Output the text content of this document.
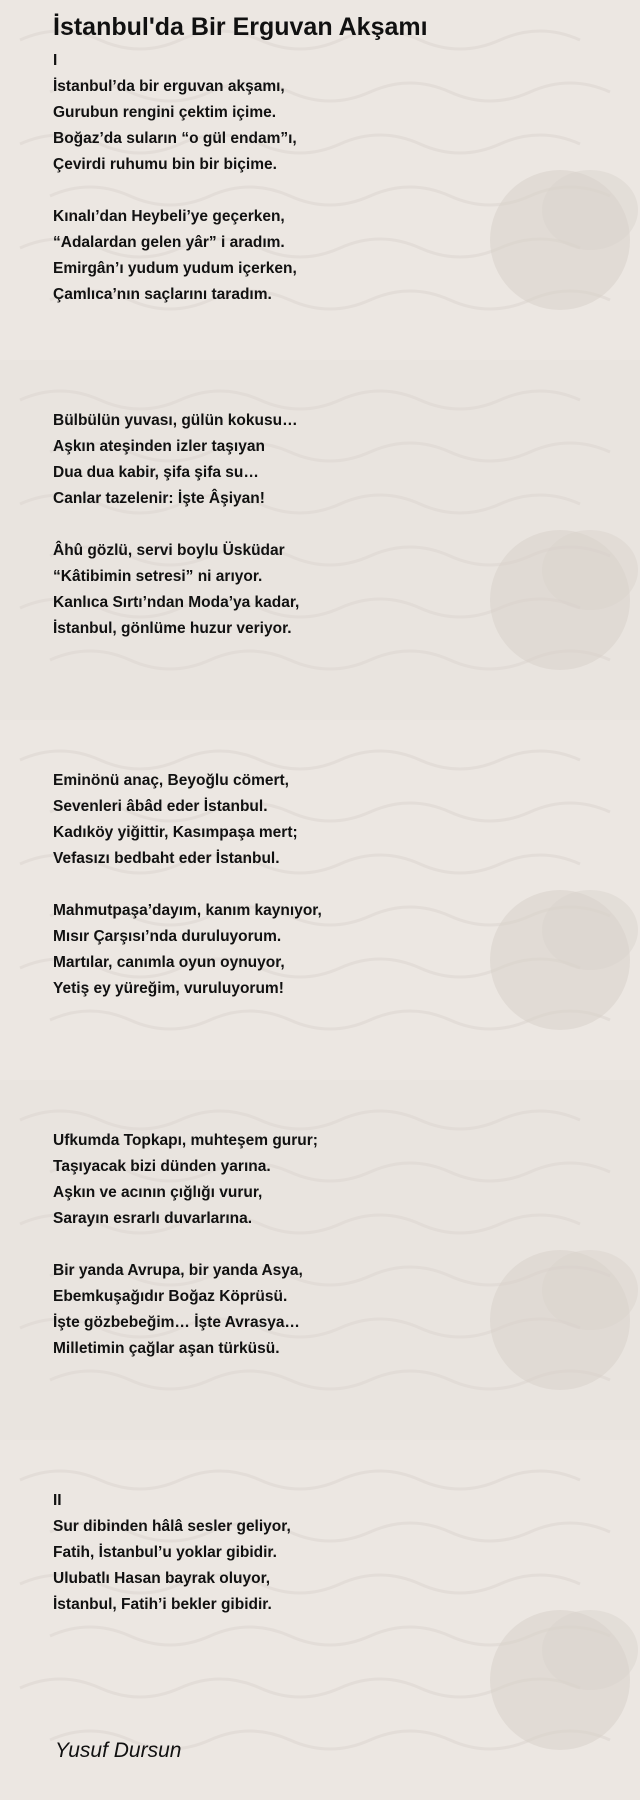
İstanbul'da Bir Erguvan Akşamı
I
İstanbul’da bir erguvan akşamı,
Gurubun rengini çektim içime.
Boğaz’da suların “o gül endam”ı,
Çevirdi ruhumu bin bir biçime.
Kınalı’dan Heybeli’ye geçerken,
“Adalardan gelen yâr” i aradım.
Emirgân’ı yudum yudum içerken,
Çamlıca’nın saçlarını taradım.
Bülbülün yuvası, gülün kokusu…
Aşkın ateşinden izler taşıyan
Dua dua kabir, şifa şifa su…
Canlar tazelenir: İşte Âşiyan!
Âhû gözlü, servi boylu Üsküdar
“Kâtibimin setresi” ni arıyor.
Kanlıca Sırtı’ndan Moda’ya kadar,
İstanbul, gönlüme huzur veriyor.
Eminönü anaç, Beyoğlu cömert,
Sevenleri âbâd eder İstanbul.
Kadıköy yiğittir, Kasımpaşa mert;
Vefasızı bedbaht eder İstanbul.
Mahmutpaşa’dayım, kanım kaynıyor,
Mısır Çarşısı’nda duruluyorum.
Martılar, canımla oyun oynuyor,
Yetiş ey yüreğim, vuruluyorum!
Ufkumda Topkapı, muhteşem gurur;
Taşıyacak bizi dünden yarına.
Aşkın ve acının çığlığı vurur,
Sarayın esrarlı duvarlarına.
Bir yanda Avrupa, bir yanda Asya,
Ebemkuşağıdır Boğaz Köprüsü.
İşte gözbebeğim… İşte Avrasya…
Milletimin çağlar aşan türküsü.
II
Sur dibinden hâlâ sesler geliyor,
Fatih, İstanbul’u yoklar gibidir.
Ulubatlı Hasan bayrak oluyor,
İstanbul, Fatih’i bekler gibidir.
Yusuf Dursun
